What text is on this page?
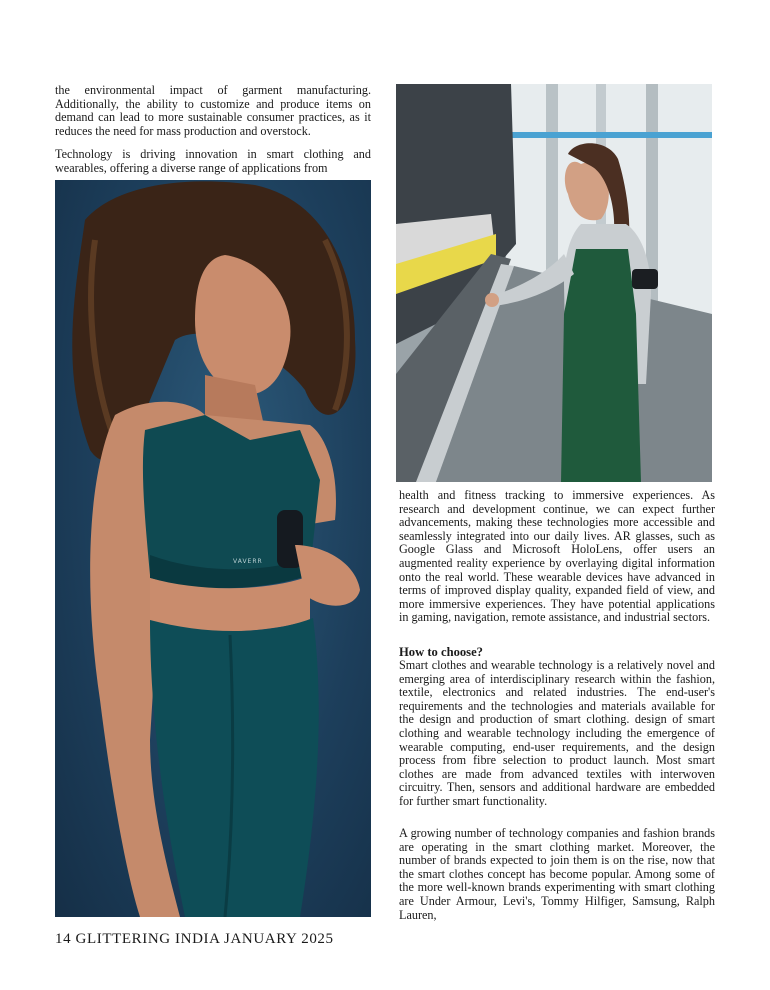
the environmental impact of garment manufacturing. Additionally, the ability to customize and produce items on demand can lead to more sustainable consumer practices, as it reduces the need for mass production and overstock.

Technology is driving innovation in smart clothing and wearables, offering a diverse range of applications from

VAVERR

health and fitness tracking to immersive experiences. As research and development continue, we can expect further advancements, making these technologies more accessible and seamlessly integrated into our daily lives. AR glasses, such as Google Glass and Microsoft HoloLens, offer users an augmented reality experience by overlaying digital information onto the real world. These wearable devices have advanced in terms of improved display quality, expanded field of view, and more immersive experiences. They have potential applications in gaming, navigation, remote assistance, and industrial sectors.

How to choose?

Smart clothes and wearable technology is a relatively novel and emerging area of interdisciplinary research within the fashion, textile, electronics and related industries. The end-user's requirements and the technologies and materials available for the design and production of smart clothing. design of smart clothing and wearable technology including the emergence of wearable computing, end-user requirements, and the design process from fibre selection to product launch. Most smart clothes are made from advanced textiles with interwoven circuitry. Then, sensors and additional hardware are embedded for further smart functionality.

A growing number of technology companies and fashion brands are operating in the smart clothing market. Moreover, the number of brands expected to join them is on the rise, now that the smart clothes concept has become popular. Among some of the more well-known brands experimenting with smart clothing are Under Armour, Levi's, Tommy Hilfiger, Samsung, Ralph Lauren,

14 GLITTERING INDIA JANUARY 2025
